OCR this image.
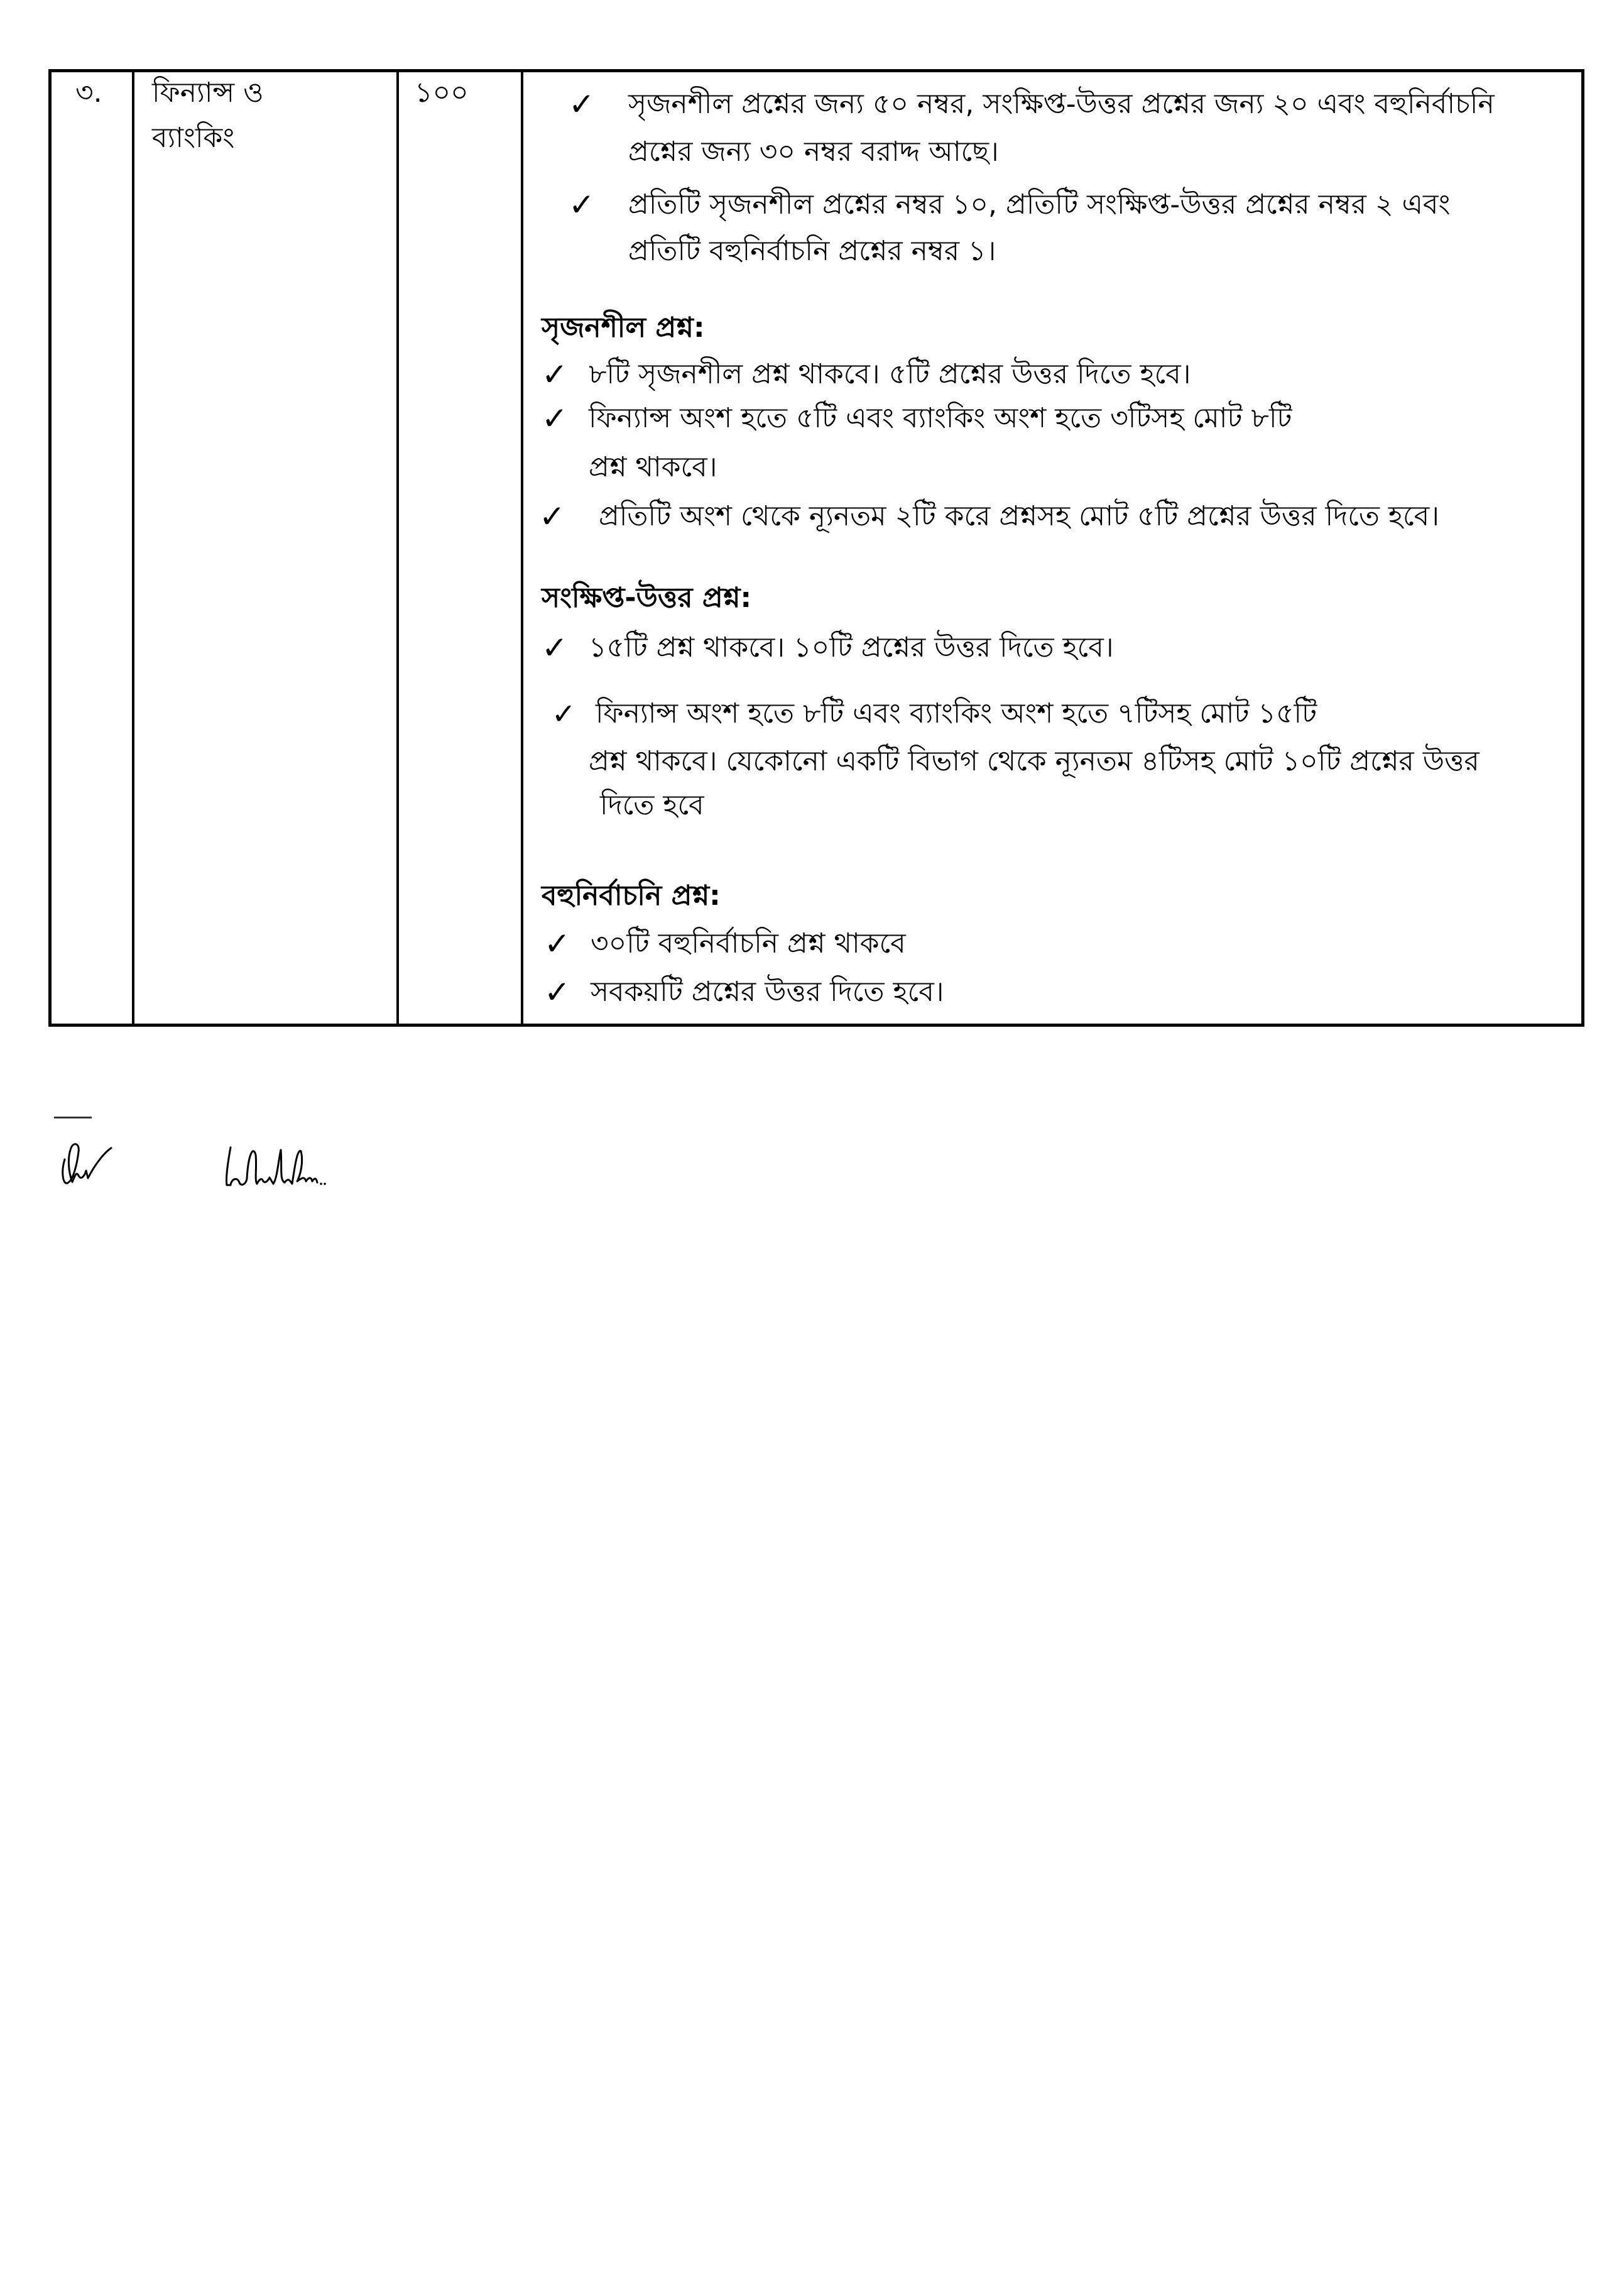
৩. ফিন্যান্স ও
ব্যাংকিং
১০০	✓ সৃজনশীল প্রশ্নের জন্য ৫০ নম্বর, সংক্ষিপ্ত-উত্তর প্রশ্নের জন্য ২০ এবং বহুনির্বাচনি
প্রশ্নের জন্য ৩০ নম্বর বরাদ্দ আছে।
✓ প্রতিটি সৃজনশীল প্রশ্নের নম্বর ১০, প্রতিটি সংক্ষিপ্ত-উত্তর প্রশ্নের নম্বর ২ এবং
প্রতিটি বহুনির্বাচনি প্রশ্নের নম্বর ১।
সৃজনশীল প্রশ্ন:
✓ ৮টি সৃজনশীল প্রশ্ন থাকবে। ৫টি প্রশ্নের উত্তর দিতে হবে।
✓ ফিন্যান্স অংশ হতে ৫টি এবং ব্যাংকিং অংশ হতে ৩টিসহ মোট ৮টি
প্রশ্ন থাকবে।
✓ প্রতিটি অংশ থেকে ন্যূনতম ২টি করে প্রশ্নসহ মোট ৫টি প্রশ্নের উত্তর দিতে হবে।
সংক্ষিপ্ত-উত্তর প্রশ্ন:
✓ ১৫টি প্রশ্ন থাকবে। ১০টি প্রশ্নের উত্তর দিতে হবে।
✓ ফিন্যান্স অংশ হতে ৮টি এবং ব্যাংকিং অংশ হতে ৭টিসহ মোট ১৫টি
প্রশ্ন থাকবে। যেকোনো একটি বিভাগ থেকে ন্যূনতম ৪টিসহ মোট ১০টি প্রশ্নের উত্তর
দিতে হবে
বহুনির্বাচনি প্রশ্ন:
✓ ৩০টি বহুনির্বাচনি প্রশ্ন থাকবে
✓ সবকয়টি প্রশ্নের উত্তর দিতে হবে।
